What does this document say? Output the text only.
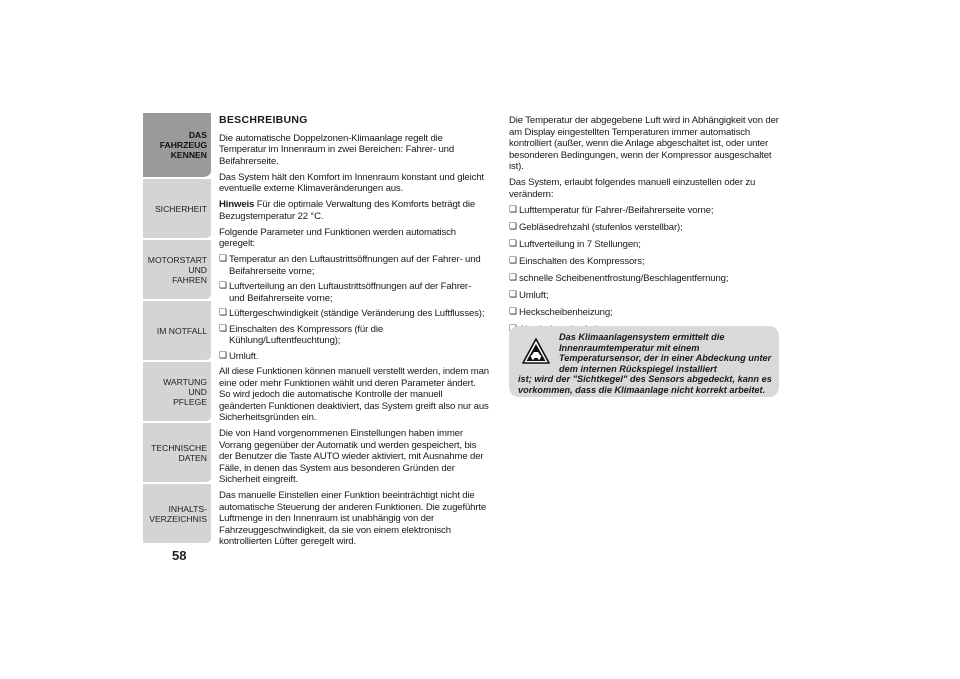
DAS FAHRZEUG
KENNEN
SICHERHEIT
MOTORSTART UND
FAHREN
IM NOTFALL
WARTUNG UND
PFLEGE
TECHNISCHE DATEN
INHALTS-
VERZEICHNIS
58
BESCHREIBUNG

Die automatische Doppelzonen-Klimaanlage regelt die Temperatur im Innenraum in zwei Bereichen: Fahrer- und Beifahrerseite.

Das System hält den Komfort im Innenraum konstant und gleicht eventuelle externe Klimaveränderungen aus.

Hinweis Für die optimale Verwaltung des Komforts beträgt die Bezugstemperatur 22 °C.

Folgende Parameter und Funktionen werden automatisch geregelt:

❏ Temperatur an den Luftaustrittsöffnungen auf der Fahrer- und Beifahrerseite vorne;
❏ Luftverteilung an den Luftaustrittsöffnungen auf der Fahrer- und Beifahrerseite vorne;
❏ Lüftergeschwindigkeit (ständige Veränderung des Luftflusses);
❏ Einschalten des Kompressors (für die Kühlung/Luftentfeuchtung);
❏ Umluft.

All diese Funktionen können manuell verstellt werden, indem man eine oder mehr Funktionen wählt und deren Parameter ändert. So wird jedoch die automatische Kontrolle der manuell geänderten Funktionen deaktiviert, das System greift also nur aus Sicherheitsgründen ein.

Die von Hand vorgenommenen Einstellungen haben immer Vorrang gegenüber der Automatik und werden gespeichert, bis der Benutzer die Taste AUTO wieder aktiviert, mit Ausnahme der Fälle, in denen das System aus besonderen Gründen der Sicherheit eingreift.

Das manuelle Einstellen einer Funktion beeinträchtigt nicht die automatische Steuerung der anderen Funktionen. Die zugeführte Luftmenge in den Innenraum ist unabhängig von der Fahrzeuggeschwindigkeit, da sie von einem elektronisch kontrollierten Lüfter geregelt wird.

Die Temperatur der abgegebene Luft wird in Abhängigkeit von der am Display eingestellten Temperaturen immer automatisch kontrolliert (außer, wenn die Anlage abgeschaltet ist, oder unter besonderen Bedingungen, wenn der Kompressor ausgeschaltet ist).

Das System, erlaubt folgendes manuell einzustellen oder zu verändern:

❏ Lufttemperatur für Fahrer-/Beifahrerseite vorne;
❏ Gebläsedrehzahl (stufenlos verstellbar);
❏ Luftverteilung in 7 Stellungen;
❏ Einschalten des Kompressors;
❏ schnelle Scheibenentfrostung/Beschlagentfernung;
❏ Umluft;
❏ Heckscheibenheizung;
❏
Das Klimaanlagensystem ermittelt die Innenraumtemperatur mit einem Temperatursensor, der in einer Abdeckung unter dem internen Rückspiegel installiert
ist; wird der "Sichtkegel" des Sensors abgedeckt, kann es vorkommen, dass die Klimaanlage nicht korrekt arbeitet.
